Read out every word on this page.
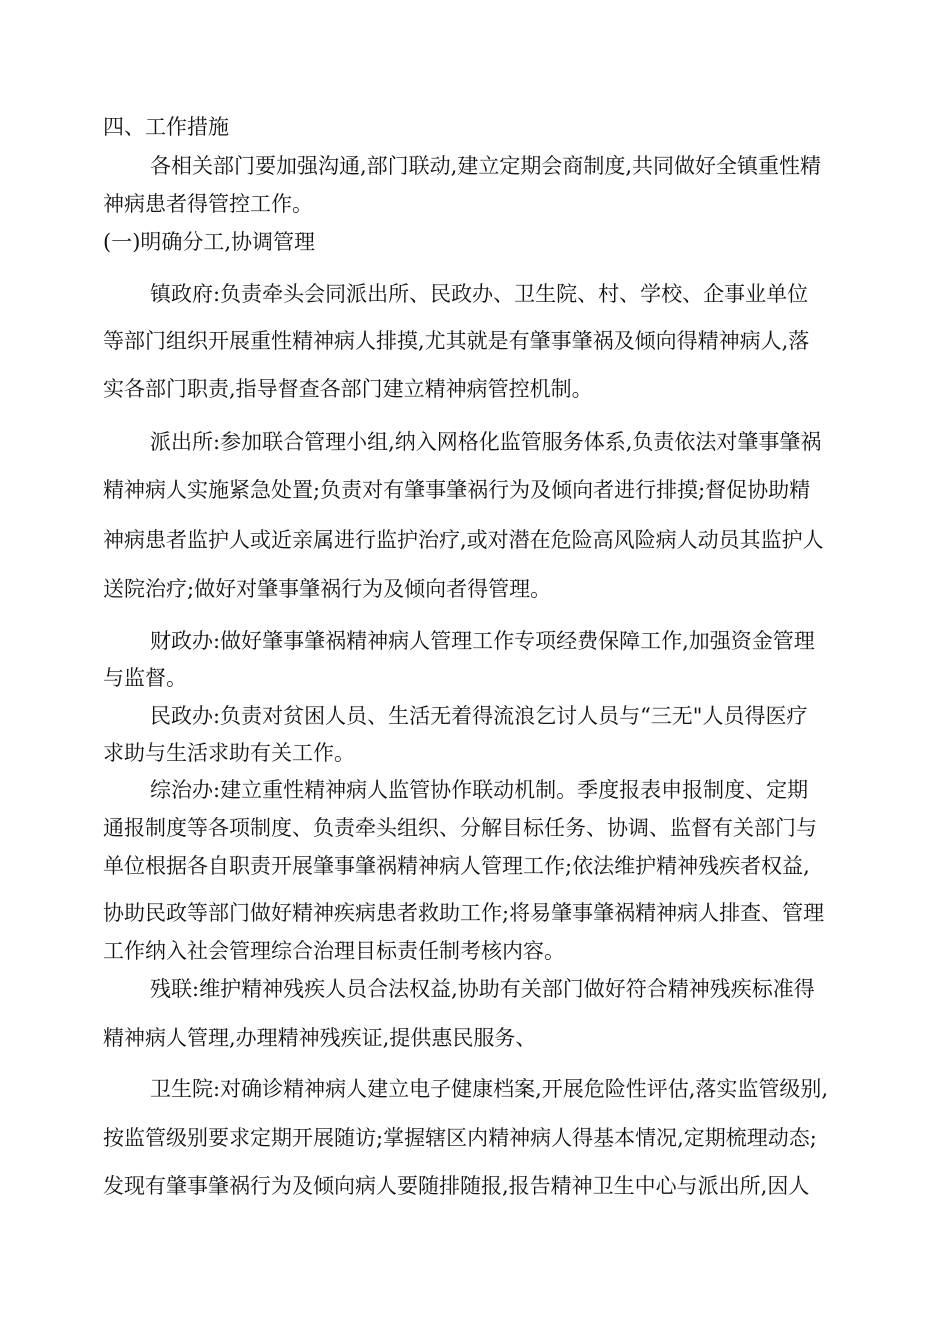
四、工作措施
各相关部门要加强沟通,部门联动,建立定期会商制度,共同做好全镇重性精
神病患者得管控工作。
(一)明确分工,协调管理
镇政府:负责牵头会同派出所、民政办、卫生院、村、学校、企事业单位
等部门组织开展重性精神病人排摸,尤其就是有肇事肇祸及倾向得精神病人,落
实各部门职责,指导督查各部门建立精神病管控机制。
派出所:参加联合管理小组,纳入网格化监管服务体系,负责依法对肇事肇祸
精神病人实施紧急处置;负责对有肇事肇祸行为及倾向者进行排摸;督促协助精
神病患者监护人或近亲属进行监护治疗,或对潜在危险高风险病人动员其监护人
送院治疗;做好对肇事肇祸行为及倾向者得管理。
财政办:做好肇事肇祸精神病人管理工作专项经费保障工作,加强资金管理
与监督。
民政办:负责对贫困人员、生活无着得流浪乞讨人员与“三无"人员得医疗
求助与生活求助有关工作。
综治办:建立重性精神病人监管协作联动机制。季度报表申报制度、定期
通报制度等各项制度、负责牵头组织、分解目标任务、协调、监督有关部门与
单位根据各自职责开展肇事肇祸精神病人管理工作;依法维护精神残疾者权益,
协助民政等部门做好精神疾病患者救助工作;将易肇事肇祸精神病人排查、管理
工作纳入社会管理综合治理目标责任制考核内容。
残联:维护精神残疾人员合法权益,协助有关部门做好符合精神残疾标准得
精神病人管理,办理精神残疾证,提供惠民服务、
卫生院:对确诊精神病人建立电子健康档案,开展危险性评估,落实监管级别,
按监管级别要求定期开展随访;掌握辖区内精神病人得基本情况,定期梳理动态;
发现有肇事肇祸行为及倾向病人要随排随报,报告精神卫生中心与派出所,因人
